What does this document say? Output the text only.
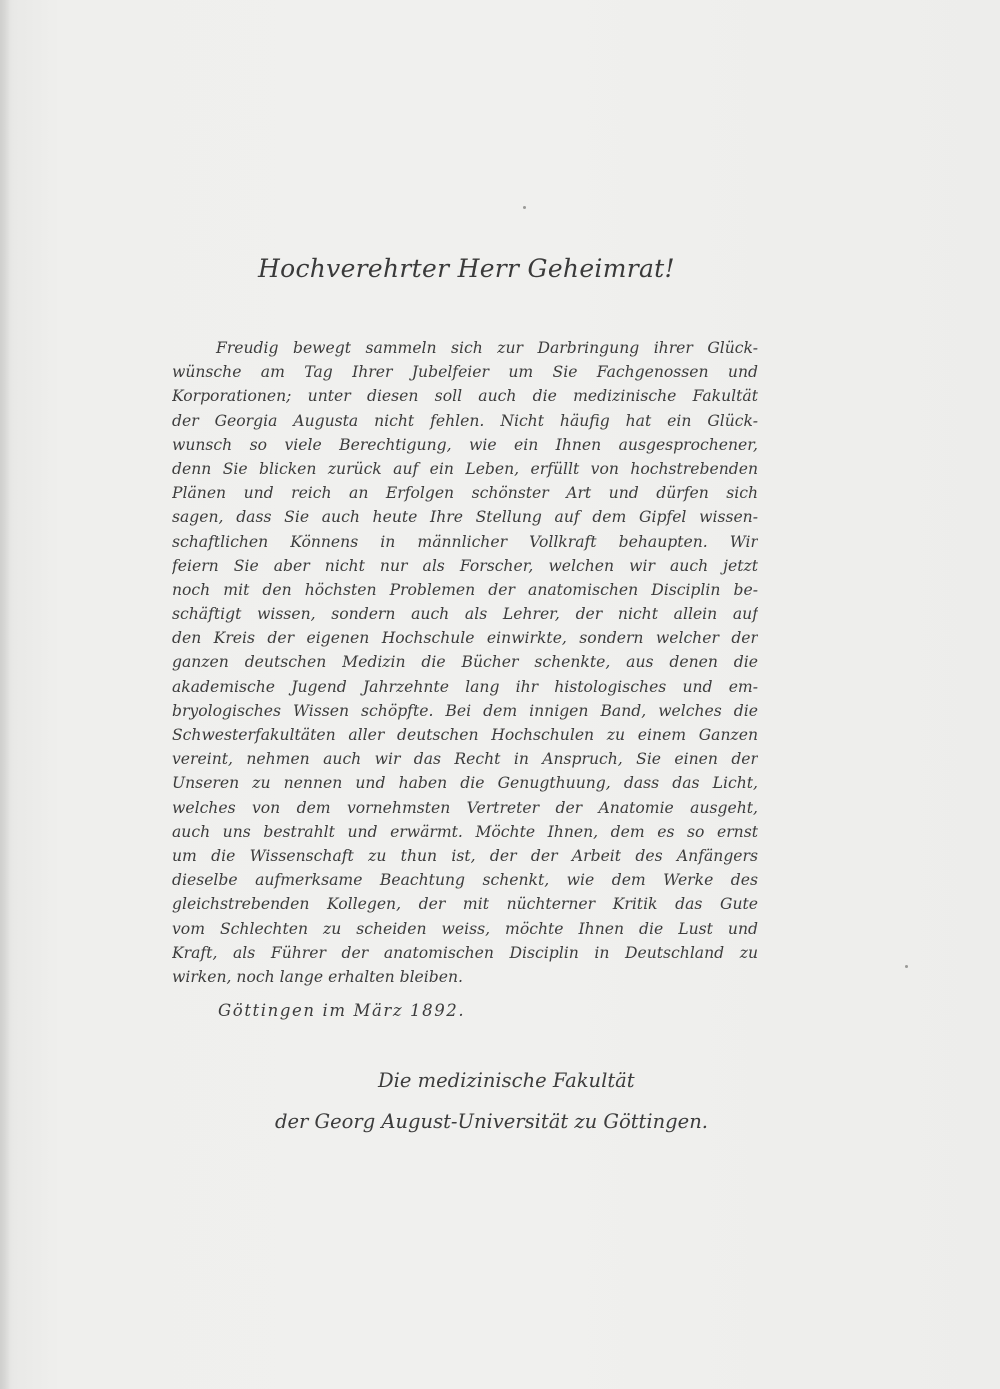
Hochverehrter Herr Geheimrat!
Freudig bewegt sammeln sich zur Darbringung ihrer Glück-
wünsche am Tag Ihrer Jubelfeier um Sie Fachgenossen und
Korporationen; unter diesen soll auch die medizinische Fakultät
der Georgia Augusta nicht fehlen. Nicht häufig hat ein Glück-
wunsch so viele Berechtigung, wie ein Ihnen ausgesprochener,
denn Sie blicken zurück auf ein Leben, erfüllt von hochstrebenden
Plänen und reich an Erfolgen schönster Art und dürfen sich
sagen, dass Sie auch heute Ihre Stellung auf dem Gipfel wissen-
schaftlichen Könnens in männlicher Vollkraft behaupten. Wir
feiern Sie aber nicht nur als Forscher, welchen wir auch jetzt
noch mit den höchsten Problemen der anatomischen Disciplin be-
schäftigt wissen, sondern auch als Lehrer, der nicht allein auf
den Kreis der eigenen Hochschule einwirkte, sondern welcher der
ganzen deutschen Medizin die Bücher schenkte, aus denen die
akademische Jugend Jahrzehnte lang ihr histologisches und em-
bryologisches Wissen schöpfte. Bei dem innigen Band, welches die
Schwesterfakultäten aller deutschen Hochschulen zu einem Ganzen
vereint, nehmen auch wir das Recht in Anspruch, Sie einen der
Unseren zu nennen und haben die Genugthuung, dass das Licht,
welches von dem vornehmsten Vertreter der Anatomie ausgeht,
auch uns bestrahlt und erwärmt. Möchte Ihnen, dem es so ernst
um die Wissenschaft zu thun ist, der der Arbeit des Anfängers
dieselbe aufmerksame Beachtung schenkt, wie dem Werke des
gleichstrebenden Kollegen, der mit nüchterner Kritik das Gute
vom Schlechten zu scheiden weiss, möchte Ihnen die Lust und
Kraft, als Führer der anatomischen Disciplin in Deutschland zu
wirken, noch lange erhalten bleiben.
Göttingen im März 1892.
Die medizinische Fakultät
der Georg August-Universität zu Göttingen.
